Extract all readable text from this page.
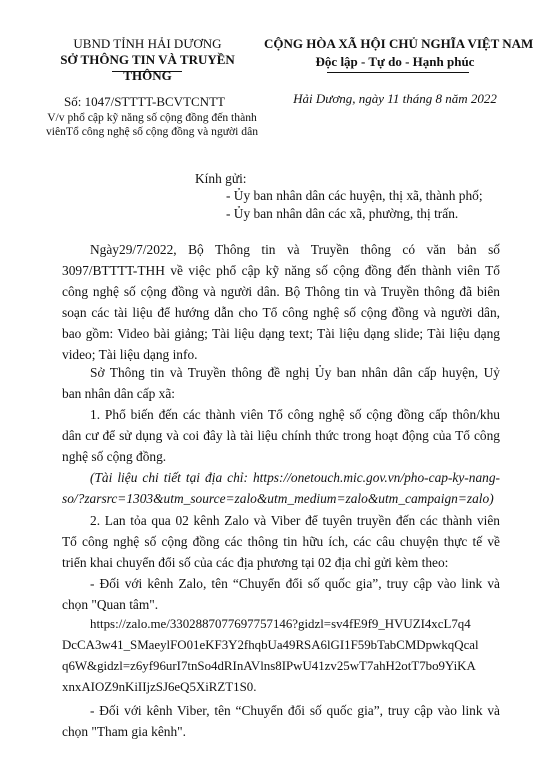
UBND TỈNH HẢI DƯƠNG
SỞ THÔNG TIN VÀ TRUYỀN THÔNG
Số: 1047/STTTT-BCVTCNTT
V/v phổ cập kỹ năng số cộng đồng đến thành
viênTổ công nghệ số cộng đồng và người dân
CỘNG HÒA XÃ HỘI CHỦ NGHĨA VIỆT NAM
Độc lập - Tự do - Hạnh phúc
Hải Dương, ngày 11 tháng 8 năm 2022
Kính gửi:
- Ủy ban nhân dân các huyện, thị xã, thành phố;
- Ủy ban nhân dân các xã, phường, thị trấn.
Ngày29/7/2022, Bộ Thông tin và Truyền thông có văn bản số
3097/BTTTT-THH về việc phổ cập kỹ năng số cộng đồng đến thành viên Tổ
công nghệ số cộng đồng và người dân. Bộ Thông tin và Truyền thông đã biên
soạn các tài liệu để hướng dẫn cho Tổ công nghệ số cộng đồng và người dân,
bao gồm: Video bài giảng; Tài liệu dạng text; Tài liệu dạng slide; Tài liệu dạng
video; Tài liệu dạng info.
Sở Thông tin và Truyền thông đề nghị Ủy ban nhân dân cấp huyện, Uỷ
ban nhân dân cấp xã:
1. Phổ biến đến các thành viên Tổ công nghệ số cộng đồng cấp thôn/khu
dân cư để sử dụng và coi đây là tài liệu chính thức trong hoạt động của Tổ công
nghệ số cộng đồng.
(Tài liệu chi tiết tại địa chỉ: https://onetouch.mic.gov.vn/pho-cap-ky-nang-
so/?zarsrc=1303&utm_source=zalo&utm_medium=zalo&utm_campaign=zalo)
2. Lan tỏa qua 02 kênh Zalo và Viber để tuyên truyền đến các thành viên
Tổ công nghệ số cộng đồng các thông tin hữu ích, các câu chuyện thực tế về
triển khai chuyển đổi số của các địa phương tại 02 địa chỉ gửi kèm theo:
- Đối với kênh Zalo, tên “Chuyển đổi số quốc gia”, truy cập vào link và
chọn "Quan tâm".
https://zalo.me/3302887077697757146?gidzl=sv4fE9f9_HVUZI4xcL7q4
DcCA3w41_SMaeylFO01eKF3Y2fhqbUa49RSA6lGI1F59bTabCMDpwkqQcal
q6W&gidzl=z6yf96urI7tnSo4dRInAVlns8IPwU41zv25wT7ahH2otT7bo9YiKA
xnxAIOZ9nKiIIjzSJ6eQ5XiRZT1S0.
- Đối với kênh Viber, tên “Chuyển đổi số quốc gia”, truy cập vào link và
chọn "Tham gia kênh".
